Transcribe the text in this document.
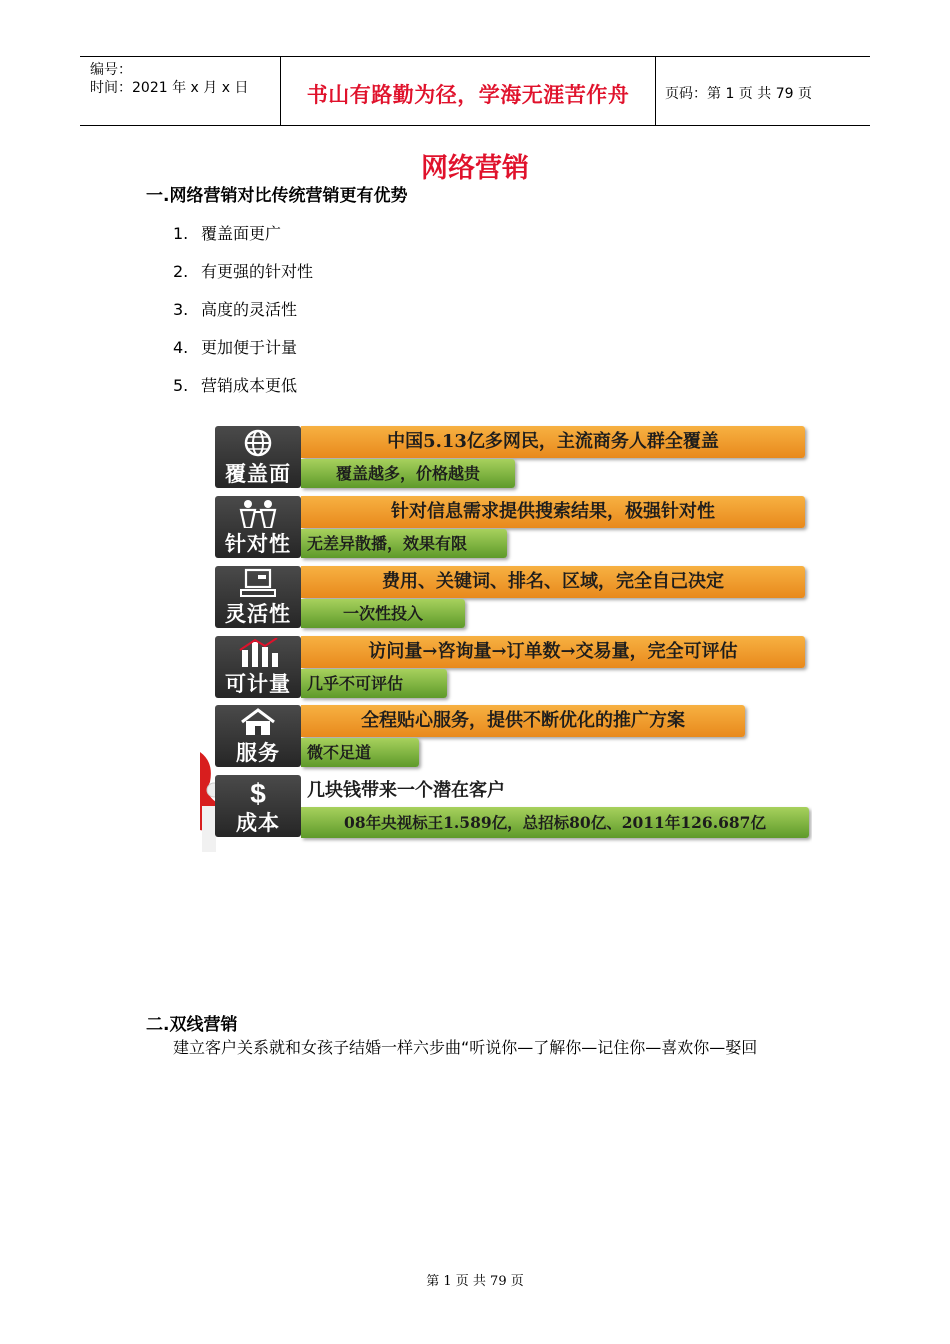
编号：
时间：2021 年 x 月 x 日	书山有路勤为径，学海无涯苦作舟	页码：第 1 页 共 79 页
网络营销
一.网络营销对比传统营销更有优势
1. 覆盖面更广
2. 有更强的针对性
3. 高度的灵活性
4. 更加便于计量
5. 营销成本更低
覆盖面
中国5.13亿多网民，主流商务人群全覆盖
覆盖越多，价格越贵
针对性
针对信息需求提供搜索结果，极强针对性
无差异散播，效果有限
灵活性
费用、关键词、排名、区域，完全自己决定
一次性投入
可计量
访问量→咨询量→订单数→交易量，完全可评估
几乎不可评估
服务
全程贴心服务，提供不断优化的推广方案
微不足道
$
成本
几块钱带来一个潜在客户
08年央视标王1.589亿，总招标80亿、2011年126.687亿
二.双线营销
建立客户关系就和女孩子结婚一样六步曲“听说你—了解你—记住你—喜欢你—娶回
第 1 页 共 79 页
